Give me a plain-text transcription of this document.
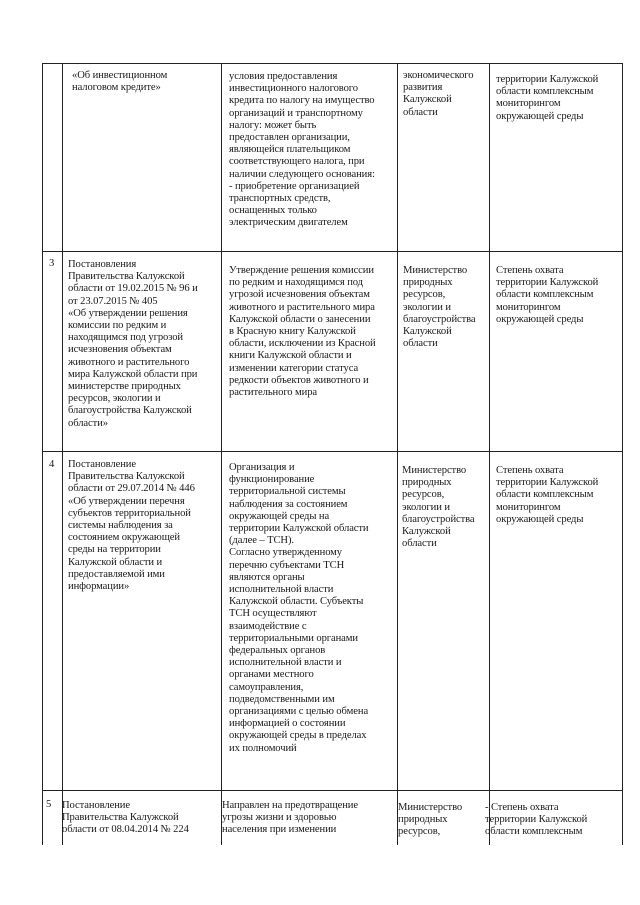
«Об инвестиционном
налоговом кредите»
условия предоставления
инвестиционного налогового
кредита по налогу на имущество
организаций и транспортному
налогу: может быть
предоставлен организации,
являющейся плательщиком
соответствующего налога, при
наличии следующего основания:
- приобретение организацией
транспортных средств,
оснащенных только
электрическим двигателем
экономического
развития
Калужской
области
территории Калужской
области комплексным
мониторингом
окружающей среды
3 Постановления
Правительства Калужской
области от 19.02.2015 № 96 и
от 23.07.2015 № 405
«Об утверждении решения
комиссии по редким и
находящимся под угрозой
исчезновения объектам
животного и растительного
мира Калужской области при
министерстве природных
ресурсов, экологии и
благоустройства Калужской
области»
Утверждение решения комиссии
по редким и находящимся под
угрозой исчезновения объектам
животного и растительного мира
Калужской области о занесении
в Красную книгу Калужской
области, исключении из Красной
книги Калужской области и
изменении категории статуса
редкости объектов животного и
растительного мира
Министерство
природных
ресурсов,
экологии и
благоустройства
Калужской
области
Степень охвата
территории Калужской
области комплексным
мониторингом
окружающей среды
4 Постановление
Правительства Калужской
области от 29.07.2014 № 446
«Об утверждении перечня
субъектов территориальной
системы наблюдения за
состоянием окружающей
среды на территории
Калужской области и
предоставляемой ими
информации»
Организация и
функционирование
территориальной системы
наблюдения за состоянием
окружающей среды на
территории Калужской области
(далее – ТСН).
Согласно утвержденному
перечню субъектами ТСН
являются органы
исполнительной власти
Калужской области. Субъекты
ТСН осуществляют
взаимодействие с
территориальными органами
федеральных органов
исполнительной власти и
органами местного
самоуправления,
подведомственными им
организациями с целью обмена
информацией о состоянии
окружающей среды в пределах
их полномочий
Министерство
природных
ресурсов,
экологии и
благоустройства
Калужской
области
Степень охвата
территории Калужской
области комплексным
мониторингом
окружающей среды
5 Постановление
Правительства Калужской
области от 08.04.2014 № 224
Направлен на предотвращение
угрозы жизни и здоровью
населения при изменении
Министерство
природных
ресурсов,
- Степень охвата
территории Калужской
области комплексным
